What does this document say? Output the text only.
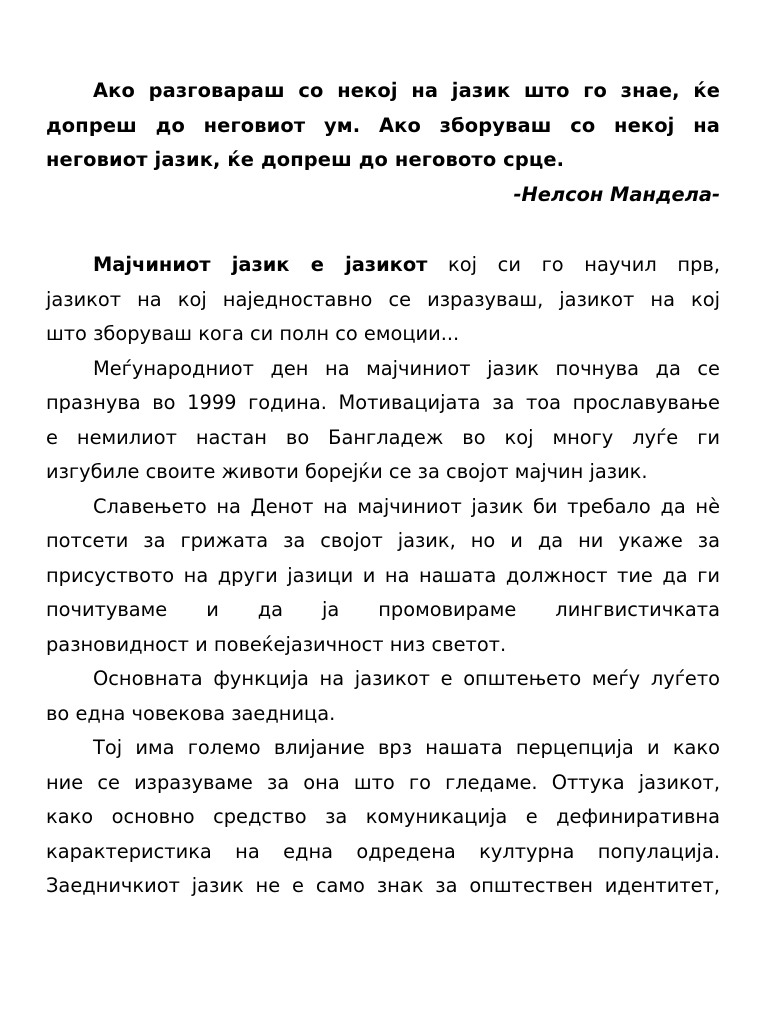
Ако разговараш со некој на јазик што го знае, ќе
допреш до неговиот ум. Ако зборуваш со некој на
неговиот јазик, ќе допреш до неговото срце.
-Нелсон Мандела-
Мајчиниот јазик е јазикот кој си го научил прв,
јазикот на кој наједноставно се изразуваш, јазикот на кој
што зборуваш кога си полн со емоции...
Меѓународниот ден на мајчиниот јазик почнува да се
празнува во 1999 година. Мотивацијата за тоа прославување
е немилиот настан во Бангладеж во кој многу луѓе ги
изгубиле своите животи борејќи се за својот мајчин јазик.
Славењето на Денот на мајчиниот јазик би требало да нè
потсети за грижата за својот јазик, но и да ни укаже за
присуството на други јазици и на нашата должност тие да ги
почитуваме и да ја промовираме лингвистичката
разновидност и повеќејазичност низ светот.
Основната функција на јазикот е општењето меѓу луѓето
во една човекова заедница.
Тој има големо влијание врз нашата перцепција и како
ние се изразуваме за она што го гледаме. Оттука јазикот,
како основно средство за комуникација е дефиниративна
карактеристика на една одредена културна популација.
Заедничкиот јазик не е само знак за општествен идентитет,
